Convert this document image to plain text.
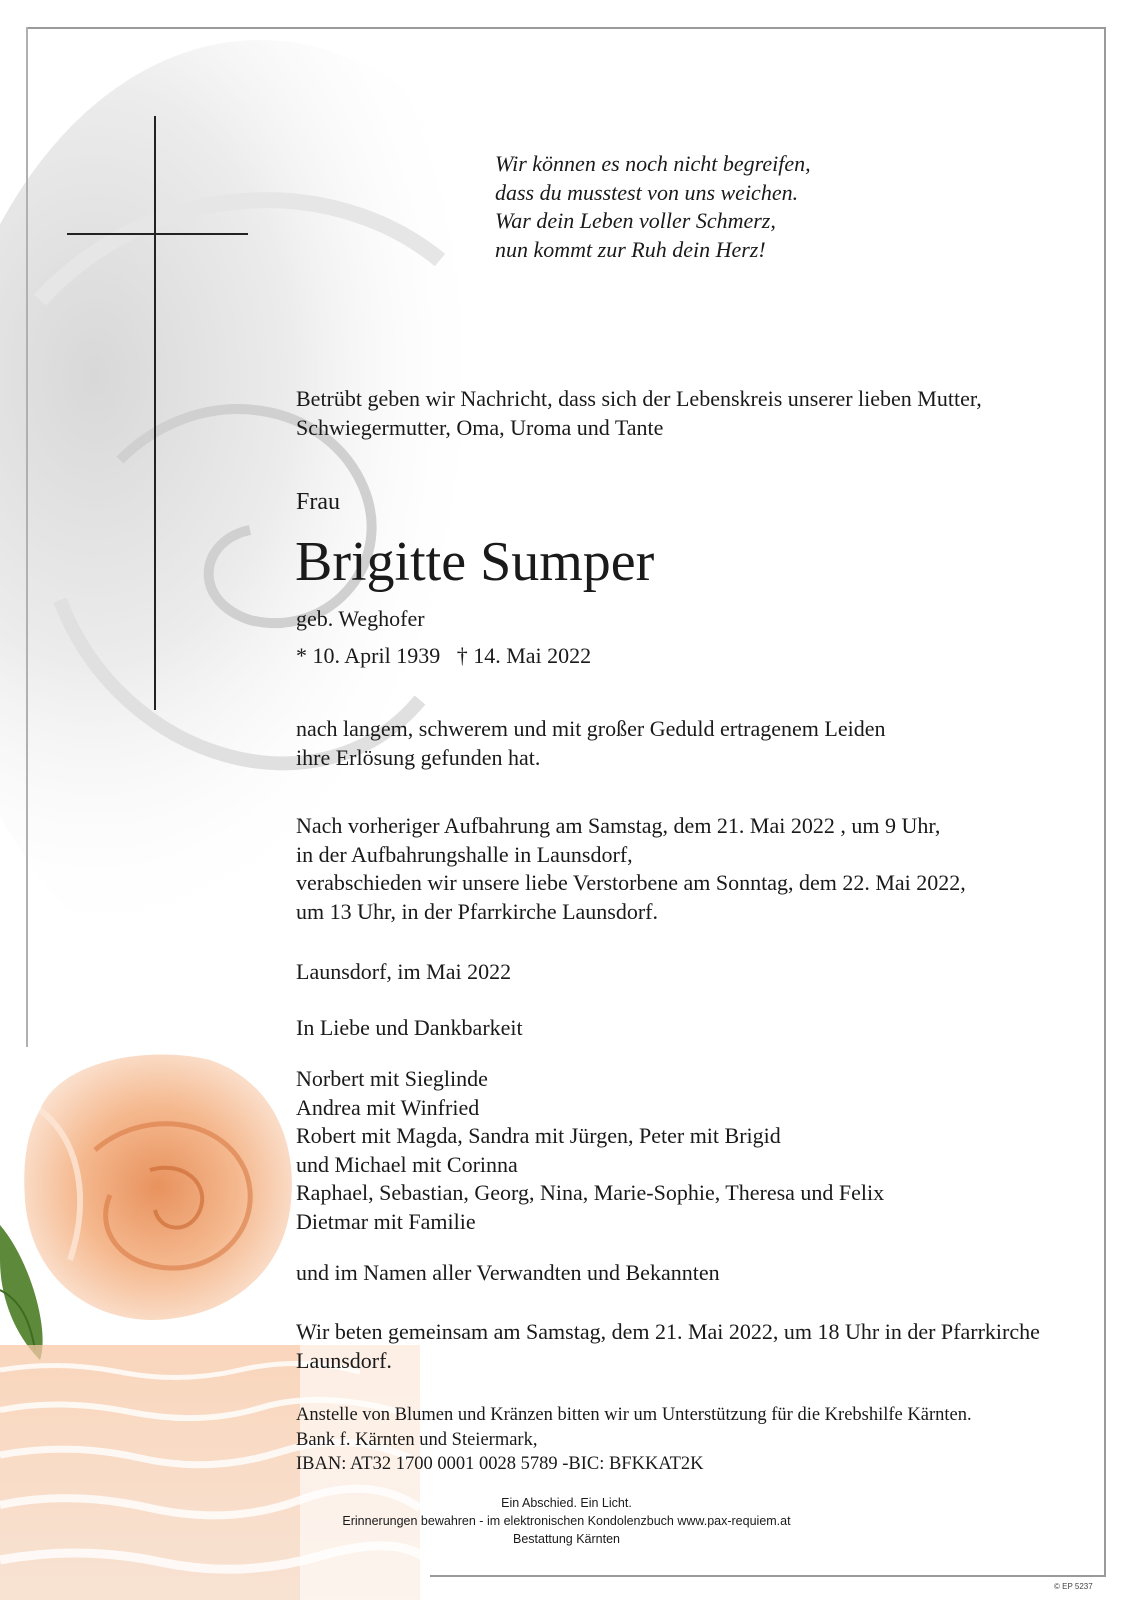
Wir können es noch nicht begreifen,
dass du musstest von uns weichen.
War dein Leben voller Schmerz,
nun kommt zur Ruh dein Herz!
Betrübt geben wir Nachricht, dass sich der Lebenskreis unserer lieben Mutter,
Schwiegermutter, Oma, Uroma und Tante
Frau
Brigitte Sumper
geb. Weghofer
* 10. April 1939   † 14. Mai 2022
nach langem, schwerem und mit großer Geduld ertragenem Leiden
ihre Erlösung gefunden hat.
Nach vorheriger Aufbahrung am Samstag, dem 21. Mai 2022 , um 9 Uhr,
in der Aufbahrungshalle in Launsdorf,
verabschieden wir unsere liebe Verstorbene am Sonntag, dem 22. Mai 2022,
um 13 Uhr, in der Pfarrkirche Launsdorf.
Launsdorf, im Mai 2022
In Liebe und Dankbarkeit
Norbert mit Sieglinde
Andrea mit Winfried
Robert mit Magda, Sandra mit Jürgen, Peter mit Brigid
und Michael mit Corinna
Raphael, Sebastian, Georg, Nina, Marie-Sophie, Theresa und Felix
Dietmar mit Familie
und im Namen aller Verwandten und Bekannten
Wir beten gemeinsam am Samstag, dem 21. Mai 2022, um 18 Uhr in der Pfarrkirche
Launsdorf.
Anstelle von Blumen und Kränzen bitten wir um Unterstützung für die Krebshilfe Kärnten.
Bank f. Kärnten und Steiermark,
IBAN: AT32 1700 0001 0028 5789 -BIC: BFKKAT2K
Ein Abschied. Ein Licht.
Erinnerungen bewahren - im elektronischen Kondolenzbuch www.pax-requiem.at
Bestattung Kärnten
© EP 5237
